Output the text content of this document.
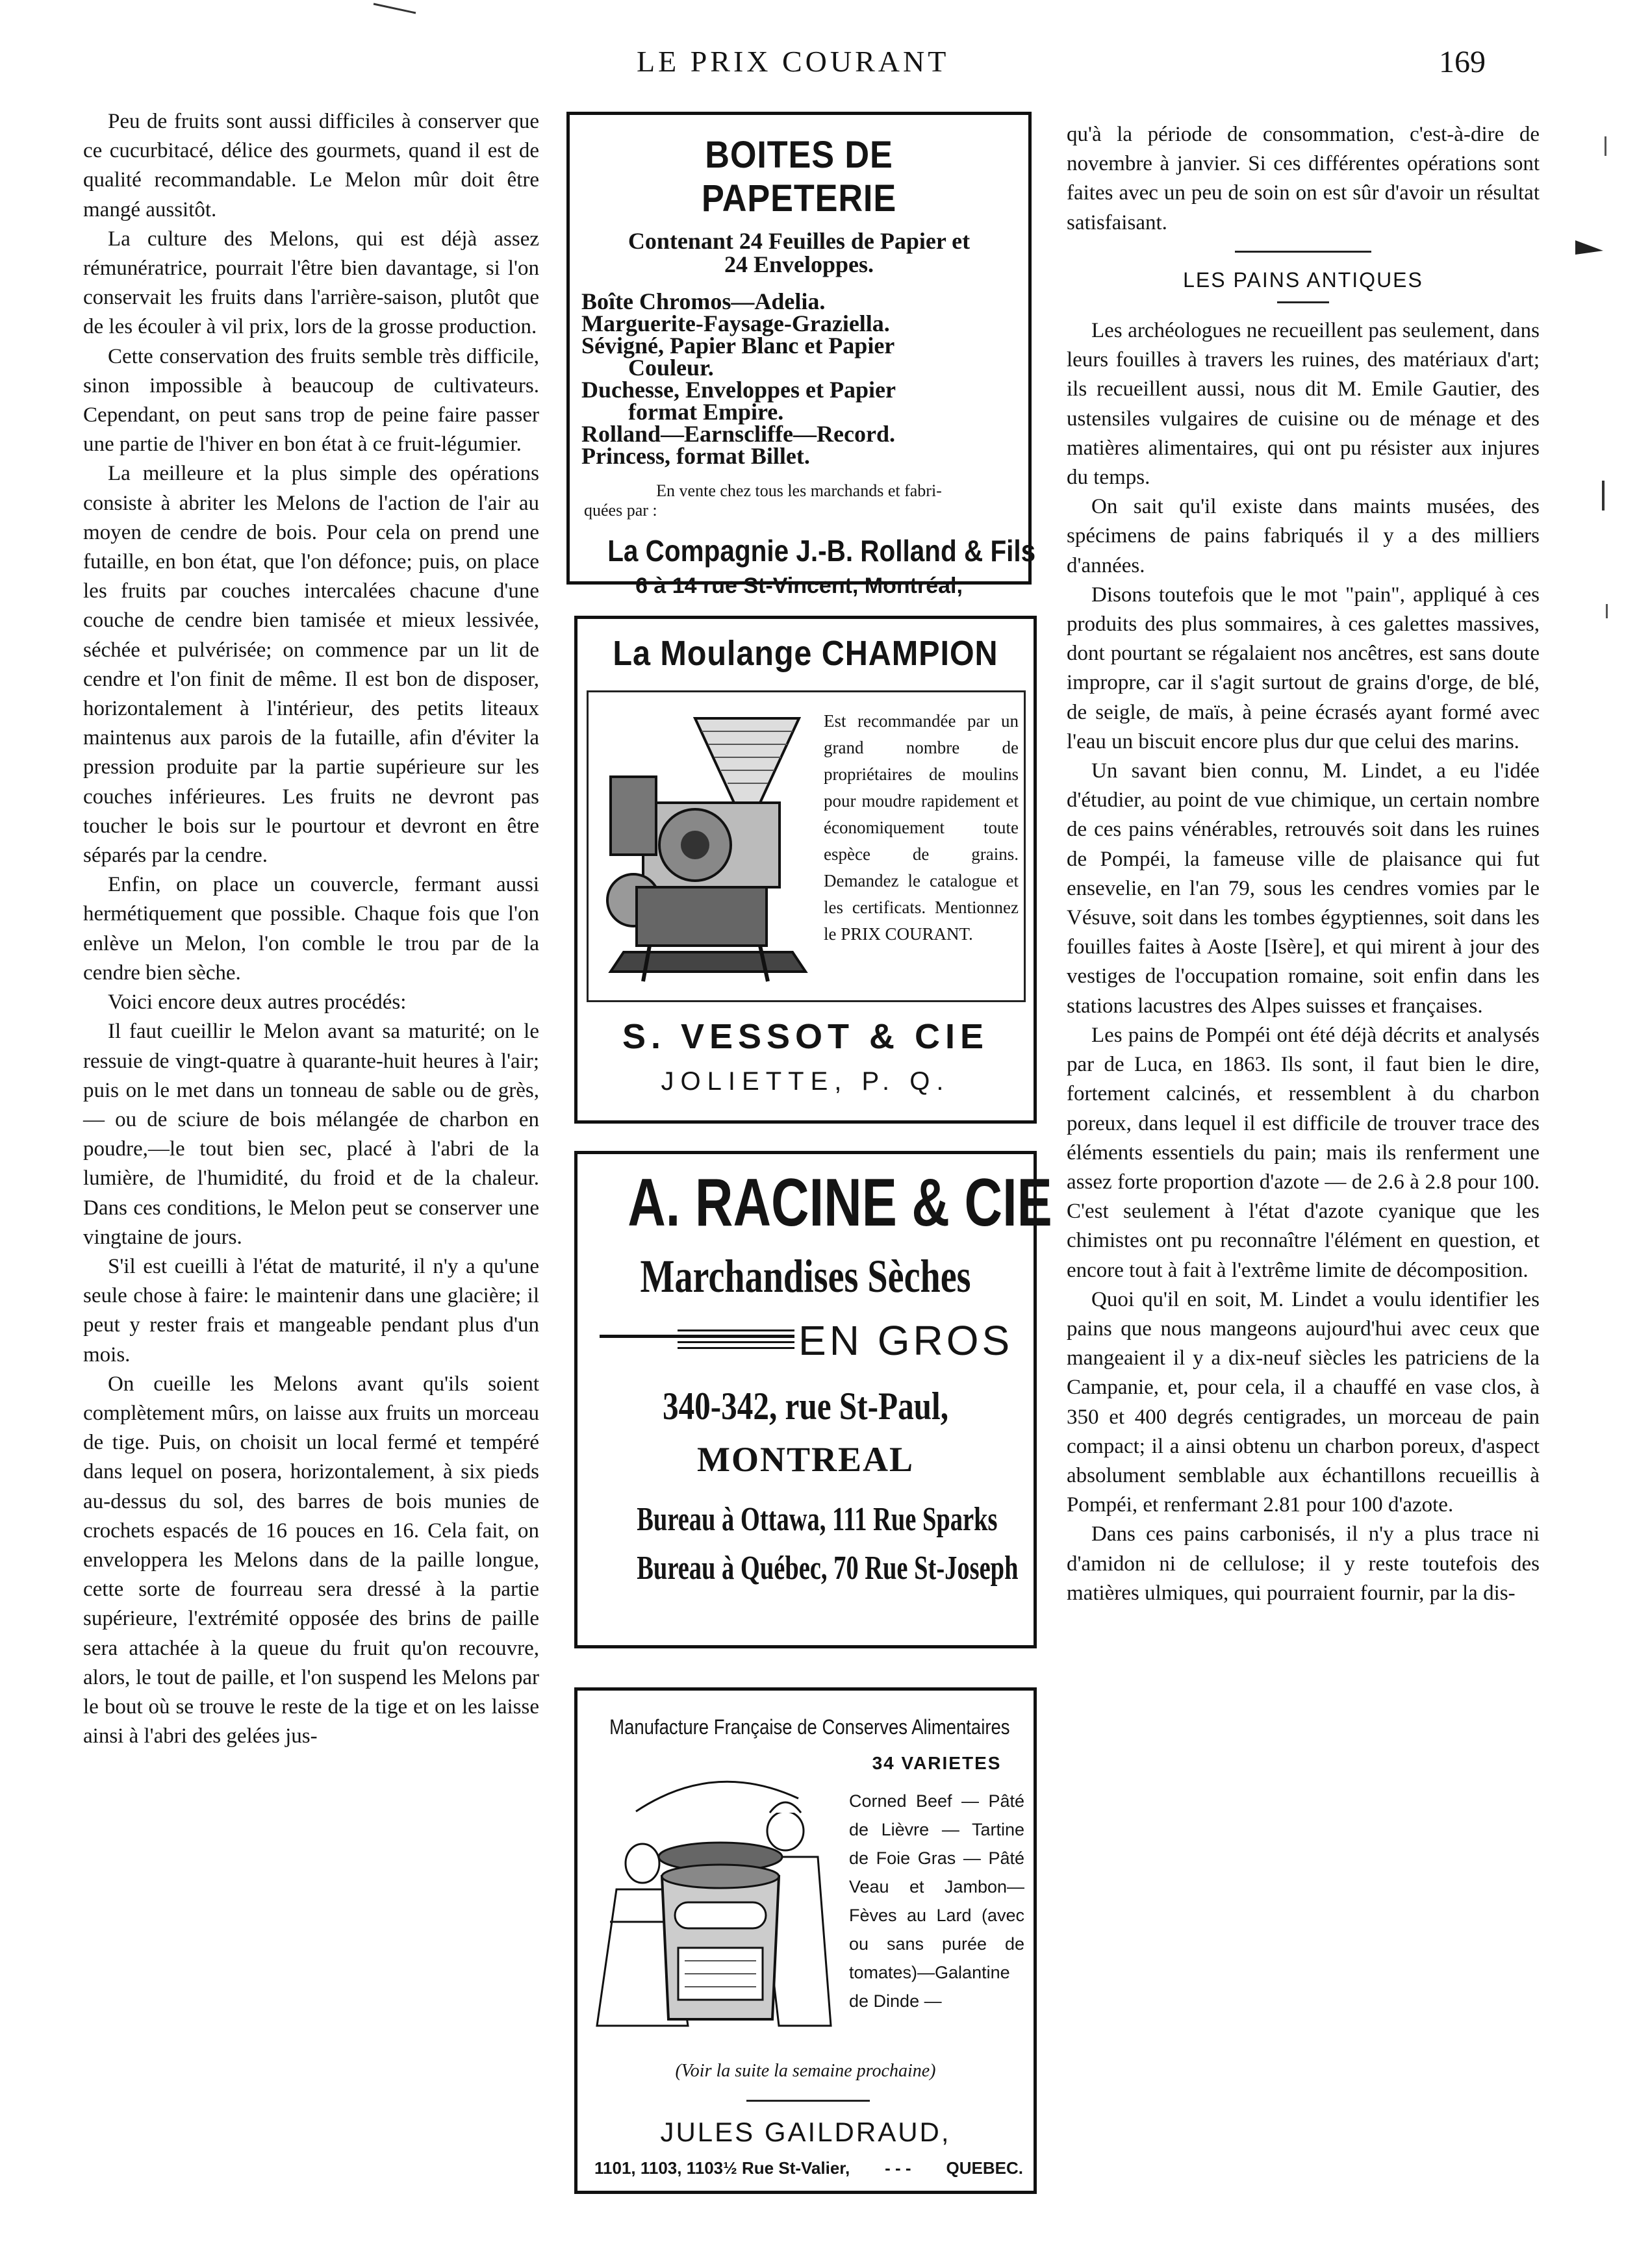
LE PRIX COURANT	169

Peu de fruits sont aussi difficiles à conserver que ce cucurbitacé, délice des gourmets, quand il est de qualité recommandable. Le Melon mûr doit être mangé aussitôt.

La culture des Melons, qui est déjà assez rémunératrice, pourrait l'être bien davantage, si l'on conservait les fruits dans l'arrière-saison, plutôt que de les écouler à vil prix, lors de la grosse production.

Cette conservation des fruits semble très difficile, sinon impossible à beaucoup de cultivateurs. Cependant, on peut sans trop de peine faire passer une partie de l'hiver en bon état à ce fruit-légumier.

La meilleure et la plus simple des opérations consiste à abriter les Melons de l'action de l'air au moyen de cendre de bois. Pour cela on prend une futaille, en bon état, que l'on défonce; puis, on place les fruits par couches intercalées chacune d'une couche de cendre bien tamisée et mieux lessivée, séchée et pulvérisée; on commence par un lit de cendre et l'on finit de même. Il est bon de disposer, horizontalement à l'intérieur, des petits liteaux maintenus aux parois de la futaille, afin d'éviter la pression produite par la partie supérieure sur les couches inférieures. Les fruits ne devront pas toucher le bois sur le pourtour et devront en être séparés par la cendre.

Enfin, on place un couvercle, fermant aussi hermétiquement que possible. Chaque fois que l'on enlève un Melon, l'on comble le trou par de la cendre bien sèche.

Voici encore deux autres procédés:

Il faut cueillir le Melon avant sa maturité; on le ressuie de vingt-quatre à quarante-huit heures à l'air; puis on le met dans un tonneau de sable ou de grès, — ou de sciure de bois mélangée de charbon en poudre,—le tout bien sec, placé à l'abri de la lumière, de l'humidité, du froid et de la chaleur. Dans ces conditions, le Melon peut se conserver une vingtaine de jours.

S'il est cueilli à l'état de maturité, il n'y a qu'une seule chose à faire: le maintenir dans une glacière; il peut y rester frais et mangeable pendant plus d'un mois.

On cueille les Melons avant qu'ils soient complètement mûrs, on laisse aux fruits un morceau de tige. Puis, on choisit un local fermé et tempéré dans lequel on posera, horizontalement, à six pieds au-dessus du sol, des barres de bois munies de crochets espacés de 16 pouces en 16. Cela fait, on enveloppera les Melons dans de la paille longue, cette sorte de fourreau sera dressé à la partie supérieure, l'extrémité opposée des brins de paille sera attachée à la queue du fruit qu'on recouvre, alors, le tout de paille, et l'on suspend les Melons par le bout où se trouve le reste de la tige et on les laisse ainsi à l'abri des gelées jus-

qu'à la période de consommation, c'est-à-dire de novembre à janvier. Si ces différentes opérations sont faites avec un peu de soin on est sûr d'avoir un résultat satisfaisant.

LES PAINS ANTIQUES

Les archéologues ne recueillent pas seulement, dans leurs fouilles à travers les ruines, des matériaux d'art; ils recueillent aussi, nous dit M. Emile Gautier, des ustensiles vulgaires de cuisine ou de ménage et des matières alimentaires, qui ont pu résister aux injures du temps.

On sait qu'il existe dans maints musées, des spécimens de pains fabriqués il y a des milliers d'années.

Disons toutefois que le mot "pain", appliqué à ces produits des plus sommaires, à ces galettes massives, dont pourtant se régalaient nos ancêtres, est sans doute impropre, car il s'agit surtout de grains d'orge, de blé, de seigle, de maïs, à peine écrasés ayant formé avec l'eau un biscuit encore plus dur que celui des marins.

Un savant bien connu, M. Lindet, a eu l'idée d'étudier, au point de vue chimique, un certain nombre de ces pains vénérables, retrouvés soit dans les ruines de Pompéi, la fameuse ville de plaisance qui fut ensevelie, en l'an 79, sous les cendres vomies par le Vésuve, soit dans les tombes égyptiennes, soit dans les fouilles faites à Aoste [Isère], et qui mirent à jour des vestiges de l'occupation romaine, soit enfin dans les stations lacustres des Alpes suisses et françaises.

Les pains de Pompéi ont été déjà décrits et analysés par de Luca, en 1863. Ils sont, il faut bien le dire, fortement calcinés, et ressemblent à du charbon poreux, dans lequel il est difficile de trouver trace des éléments essentiels du pain; mais ils renferment une assez forte proportion d'azote — de 2.6 à 2.8 pour 100. C'est seulement à l'état d'azote cyanique que les chimistes ont pu reconnaître l'élément en question, et encore tout à fait à l'extrême limite de décomposition.

Quoi qu'il en soit, M. Lindet a voulu identifier les pains que nous mangeons aujourd'hui avec ceux que mangeaient il y a dix-neuf siècles les patriciens de la Campanie, et, pour cela, il a chauffé en vase clos, à 350 et 400 degrés centigrades, un morceau de pain compact; il a ainsi obtenu un charbon poreux, d'aspect absolument semblable aux échantillons recueillis à Pompéi, et renfermant 2.81 pour 100 d'azote.

Dans ces pains carbonisés, il n'y a plus trace ni d'amidon ni de cellulose; il y reste toutefois des matières ulmiques, qui pourraient fournir, par la dis-

BOITES DE PAPETERIE
Contenant 24 Feuilles de Papier et
24 Enveloppes.
Boîte Chromos—Adelia.
Marguerite-Faysage-Graziella.
Sévigné, Papier Blanc et Papier
Couleur.
Duchesse, Enveloppes et Papier
format Empire.
Rolland—Earnscliffe—Record.
Princess, format Billet.
En vente chez tous les marchands et fabri-
quées par :
La Compagnie J.-B. Rolland & Fils
6 à 14 rue St-Vincent, Montréal,
La Moulange CHAMPION
Est recommandée par un grand nombre de propriétaires de moulins pour moudre rapidement et économiquement toute espèce de grains. Demandez le catalogue et les certificats. Mentionnez le PRIX COURANT.
S. VESSOT & CIE
JOLIETTE, P. Q.
A. RACINE & CIE
Marchandises Sèches
EN GROS
340-342, rue St-Paul,
MONTREAL
Bureau à Ottawa, 111 Rue Sparks
Bureau à Québec, 70 Rue St-Joseph
Manufacture Française de Conserves Alimentaires
34 VARIETES
Corned Beef — Pâté de Lièvre — Tartine de Foie Gras — Pâté Veau et Jambon—Fèves au Lard (avec ou sans purée de tomates)—Galantine de Dinde —
(Voir la suite la semaine prochaine)
JULES GAILDRAUD,
1101, 1103, 1103½ Rue St-Valier, - - - QUEBEC.
